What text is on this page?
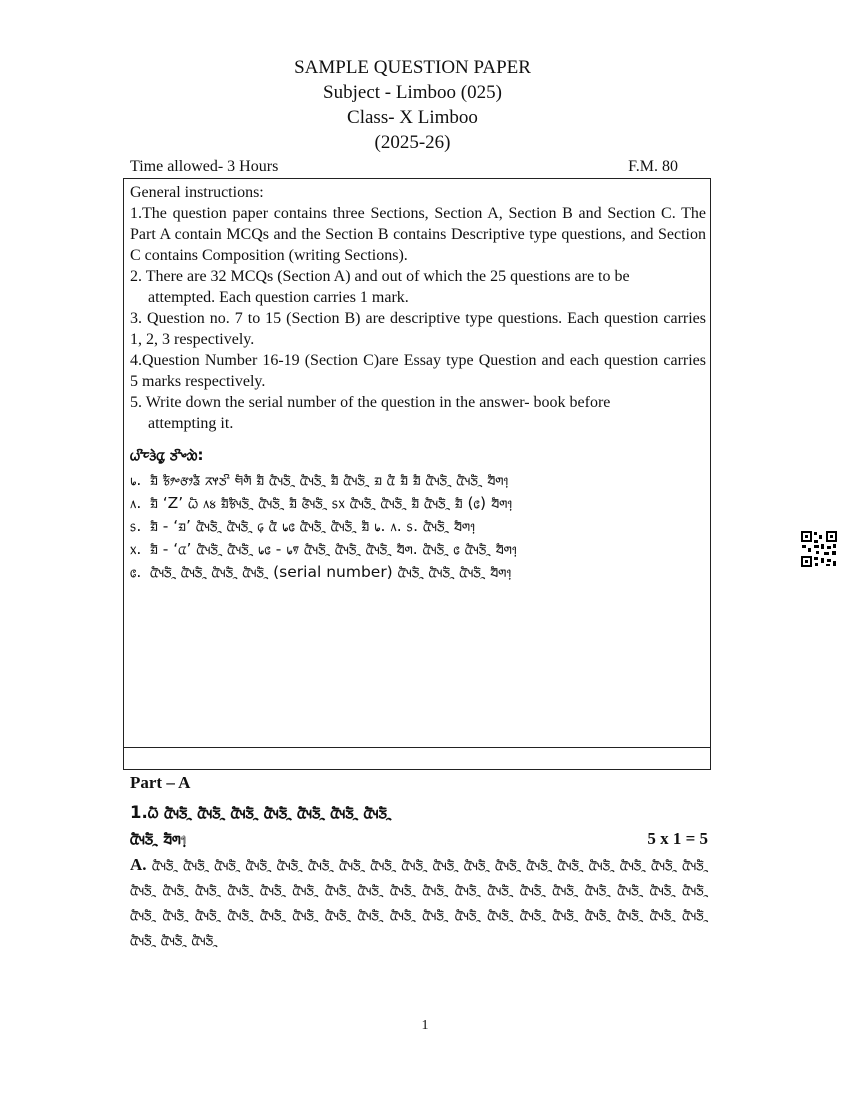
SAMPLE QUESTION PAPER
Subject - Limboo (025)
Class- X Limboo
(2025-26)
Time allowed- 3 Hours	F.M. 80

General instructions:

1.The question paper contains three Sections, Section A, Section B and Section C. The Part A contain MCQs and the Section B contains Descriptive type questions, and Section C contains Composition (writing Sections).

2. There are 32 MCQs (Section A) and out of which the 25 questions are to be

attempted. Each question carries 1 mark.

3. Question no. 7 to 15 (Section B) are descriptive type questions. Each question carries 1, 2, 3 respectively.

4.Question Number 16-19 (Section C)are Essay type Question and each question carries 5 marks respectively.

5. Write down the serial number of the question in the answer- book before

attempting it.

ᤐᤡᤰᤋᤧᤂᤢ ᤍᤡᤴᤑᤧ:
᥇. ᤀᤠ ᤃᤥᤴᤅᤣᤕᤠ ᤖᤶᤍᤡ ᤗᤠᤛᤠ ᤀᤠ ᤂᤠᤵᤍ᤺ᤠᤳ ᤂᤠᤵᤍ᤺ᤠᤳ ᤀᤠ ᤂᤠᤵᤍ᤺ᤠᤳ ᤀ ᤂᤠ ᤀᤠ ᤀᤠ ᤂᤠᤵᤍ᤺ᤠᤳ ᤂᤠᤵᤍ᤺ᤠᤳ ᤔᤠᤛ᥄
᥈. ᤀᤠ ‘Z’ ᤐᤠ ᥈᥍ ᤀᤠᤃᤠᤵᤍ᤺ᤠᤳ ᤂᤠᤵᤍ᤺ᤠᤳ ᤀᤠ ᤜᤠᤵᤍ᤺ᤠᤳ ᥉᥊ ᤂᤠᤵᤍ᤺ᤠᤳ ᤂᤠᤵᤍ᤺ᤠᤳ ᤀᤠ ᤂᤠᤵᤍ᤺ᤠᤳ ᤀᤠ (᥋) ᤔᤠᤛ᥄
᥉. ᤀᤠ - ‘ᤀ’ ᤂᤠᤵᤍ᤺ᤠᤳ ᤂᤠᤵᤍ᤺ᤠᤳ ᥌ ᤂᤠ ᥇᥋ ᤂᤠᤵᤍ᤺ᤠᤳ ᤂᤠᤵᤍ᤺ᤠᤳ ᤀᤠ ᥇. ᥈. ᥉. ᤂᤠᤵᤍ᤺ᤠᤳ ᤔᤠᤛ᥄
᥊. ᤀᤠ - ‘ᤂ’ ᤂᤠᤵᤍ᤺ᤠᤳ ᤂᤠᤵᤍ᤺ᤠᤳ ᥇᥋ - ᥇᥏ ᤂᤠᤵᤍ᤺ᤠᤳ ᤂᤠᤵᤍ᤺ᤠᤳ ᤂᤠᤵᤍ᤺ᤠᤳ ᤔᤠᤛ. ᤂᤠᤵᤍ᤺ᤠᤳ ᥋ ᤂᤠᤵᤍ᤺ᤠᤳ ᤔᤠᤛ᥄
᥋. ᤂᤠᤵᤍ᤺ᤠᤳ ᤂᤠᤵᤍ᤺ᤠᤳ ᤂᤠᤵᤍ᤺ᤠᤳ ᤂᤠᤵᤍ᤺ᤠᤳ (serial number) ᤂᤠᤵᤍ᤺ᤠᤳ ᤂᤠᤵᤍ᤺ᤠᤳ ᤂᤠᤵᤍ᤺ᤠᤳ ᤔᤠᤛ᥄
Part – A
1.ᤐᤠ ᤂᤠᤵᤍ᤺ᤠᤳ ᤂᤠᤵᤍ᤺ᤠᤳ ᤂᤠᤵᤍ᤺ᤠᤳ ᤂᤠᤵᤍ᤺ᤠᤳ ᤂᤠᤵᤍ᤺ᤠᤳ ᤂᤠᤵᤍ᤺ᤠᤳ ᤂᤠᤵᤍ᤺ᤠᤳ
ᤂᤠᤵᤍ᤺ᤠᤳ ᤔᤠᤛ᥄	5 x 1 = 5
A. ᤂᤠᤵᤍ᤺ᤠᤳ ᤂᤠᤵᤍ᤺ᤠᤳ ᤂᤠᤵᤍ᤺ᤠᤳ ᤂᤠᤵᤍ᤺ᤠᤳ ᤂᤠᤵᤍ᤺ᤠᤳ ᤂᤠᤵᤍ᤺ᤠᤳ ᤂᤠᤵᤍ᤺ᤠᤳ ᤂᤠᤵᤍ᤺ᤠᤳ ᤂᤠᤵᤍ᤺ᤠᤳ ᤂᤠᤵᤍ᤺ᤠᤳ ᤂᤠᤵᤍ᤺ᤠᤳ ᤂᤠᤵᤍ᤺ᤠᤳ ᤂᤠᤵᤍ᤺ᤠᤳ ᤂᤠᤵᤍ᤺ᤠᤳ ᤂᤠᤵᤍ᤺ᤠᤳ ᤂᤠᤵᤍ᤺ᤠᤳ ᤂᤠᤵᤍ᤺ᤠᤳ ᤂᤠᤵᤍ᤺ᤠᤳ ᤂᤠᤵᤍ᤺ᤠᤳ ᤂᤠᤵᤍ᤺ᤠᤳ ᤂᤠᤵᤍ᤺ᤠᤳ ᤂᤠᤵᤍ᤺ᤠᤳ ᤂᤠᤵᤍ᤺ᤠᤳ ᤂᤠᤵᤍ᤺ᤠᤳ ᤂᤠᤵᤍ᤺ᤠᤳ ᤂᤠᤵᤍ᤺ᤠᤳ ᤂᤠᤵᤍ᤺ᤠᤳ ᤂᤠᤵᤍ᤺ᤠᤳ ᤂᤠᤵᤍ᤺ᤠᤳ ᤂᤠᤵᤍ᤺ᤠᤳ ᤂᤠᤵᤍ᤺ᤠᤳ ᤂᤠᤵᤍ᤺ᤠᤳ ᤂᤠᤵᤍ᤺ᤠᤳ ᤂᤠᤵᤍ᤺ᤠᤳ ᤂᤠᤵᤍ᤺ᤠᤳ ᤂᤠᤵᤍ᤺ᤠᤳ ᤂᤠᤵᤍ᤺ᤠᤳ ᤂᤠᤵᤍ᤺ᤠᤳ ᤂᤠᤵᤍ᤺ᤠᤳ ᤂᤠᤵᤍ᤺ᤠᤳ ᤂᤠᤵᤍ᤺ᤠᤳ ᤂᤠᤵᤍ᤺ᤠᤳ ᤂᤠᤵᤍ᤺ᤠᤳ ᤂᤠᤵᤍ᤺ᤠᤳ ᤂᤠᤵᤍ᤺ᤠᤳ ᤂᤠᤵᤍ᤺ᤠᤳ ᤂᤠᤵᤍ᤺ᤠᤳ ᤂᤠᤵᤍ᤺ᤠᤳ ᤂᤠᤵᤍ᤺ᤠᤳ ᤂᤠᤵᤍ᤺ᤠᤳ ᤂᤠᤵᤍ᤺ᤠᤳ ᤂᤠᤵᤍ᤺ᤠᤳ ᤂᤠᤵᤍ᤺ᤠᤳ ᤂᤠᤵᤍ᤺ᤠᤳ ᤂᤠᤵᤍ᤺ᤠᤳ ᤂᤠᤵᤍ᤺ᤠᤳ ᤂᤠᤵᤍ᤺ᤠᤳ
1
